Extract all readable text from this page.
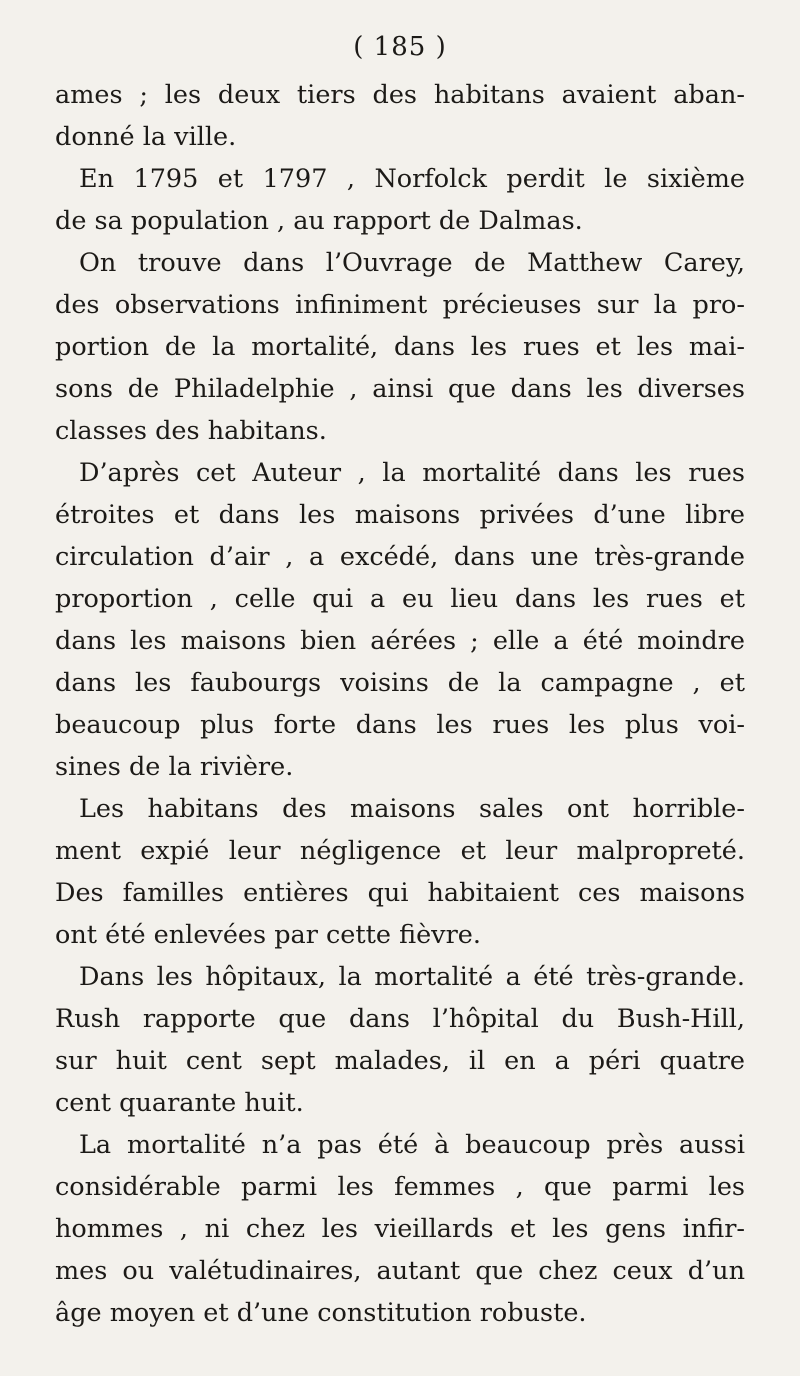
( 185 )
ames ; les deux tiers des habitans avaient aban-
donné la ville.
En 1795 et 1797 , Norfolck perdit le sixième
de sa population , au rapport de Dalmas.
On trouve dans l’Ouvrage de Matthew Carey,
des observations infiniment précieuses sur la pro-
portion de la mortalité, dans les rues et les mai-
sons de Philadelphie , ainsi que dans les diverses
classes des habitans.
D’après cet Auteur , la mortalité dans les rues
étroites et dans les maisons privées d’une libre
circulation d’air , a excédé, dans une très-grande
proportion , celle qui a eu lieu dans les rues et
dans les maisons bien aérées ; elle a été moindre
dans les faubourgs voisins de la campagne , et
beaucoup plus forte dans les rues les plus voi-
sines de la rivière.
Les habitans des maisons sales ont horrible-
ment expié leur négligence et leur malpropreté.
Des familles entières qui habitaient ces maisons
ont été enlevées par cette fièvre.
Dans les hôpitaux, la mortalité a été très-grande.
Rush rapporte que dans l’hôpital du Bush-Hill,
sur huit cent sept malades, il en a péri quatre
cent quarante huit.
La mortalité n’a pas été à beaucoup près aussi
considérable parmi les femmes , que parmi les
hommes , ni chez les vieillards et les gens infir-
mes ou valétudinaires, autant que chez ceux d’un
âge moyen et d’une constitution robuste.
